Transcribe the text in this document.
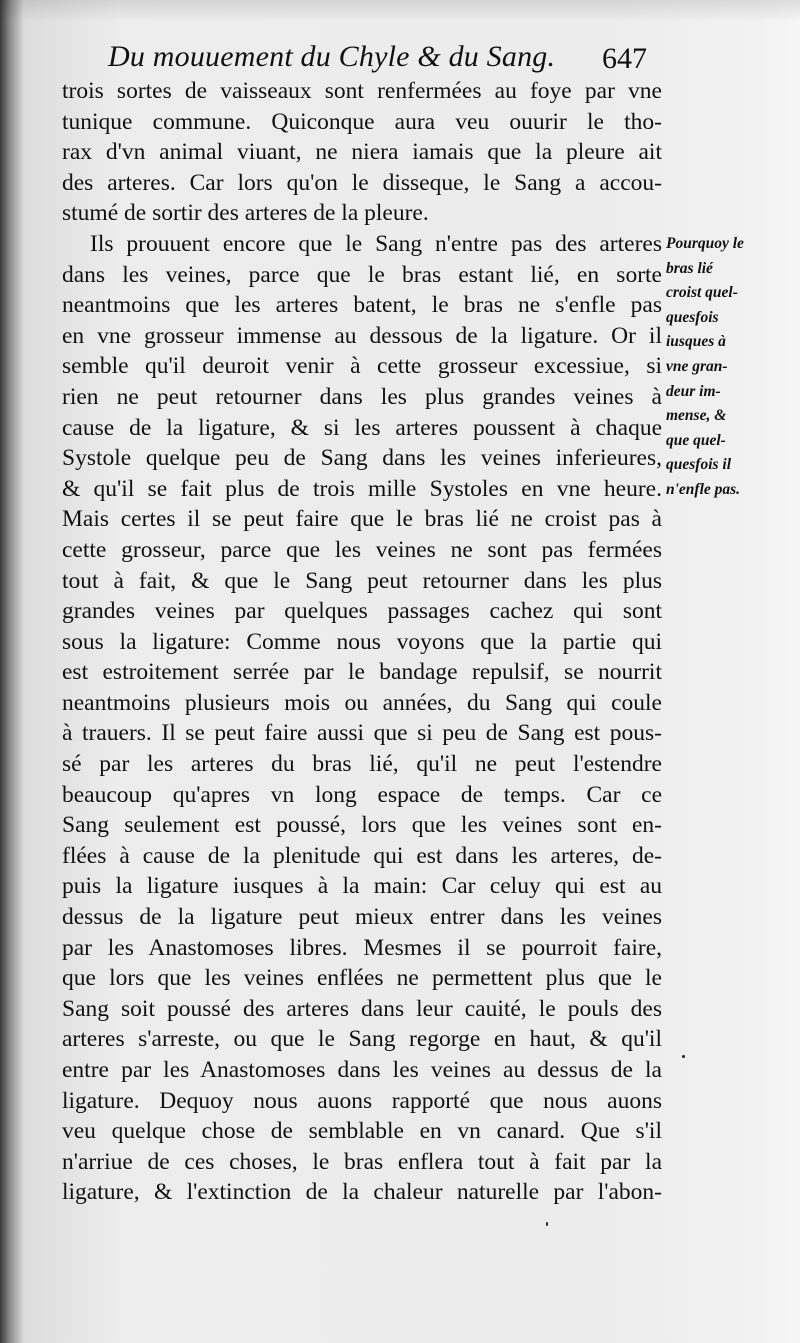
Du mouuement du Chyle & du Sang. 647
trois sortes de vaisseaux sont renfermées au foye par vne
tunique commune. Quiconque aura veu ouurir le tho-
rax d'vn animal viuant, ne niera iamais que la pleure ait
des arteres. Car lors qu'on le disseque, le Sang a accou-
stumé de sortir des arteres de la pleure.
Ils prouuent encore que le Sang n'entre pas des arteres
dans les veines, parce que le bras estant lié, en sorte
neantmoins que les arteres batent, le bras ne s'enfle pas
en vne grosseur immense au dessous de la ligature. Or il
semble qu'il deuroit venir à cette grosseur excessiue, si
rien ne peut retourner dans les plus grandes veines à
cause de la ligature, & si les arteres poussent à chaque
Systole quelque peu de Sang dans les veines inferieures,
& qu'il se fait plus de trois mille Systoles en vne heure.
Mais certes il se peut faire que le bras lié ne croist pas à
cette grosseur, parce que les veines ne sont pas fermées
tout à fait, & que le Sang peut retourner dans les plus
grandes veines par quelques passages cachez qui sont
sous la ligature: Comme nous voyons que la partie qui
est estroitement serrée par le bandage repulsif, se nourrit
neantmoins plusieurs mois ou années, du Sang qui coule
à trauers. Il se peut faire aussi que si peu de Sang est pous-
sé par les arteres du bras lié, qu'il ne peut l'estendre
beaucoup qu'apres vn long espace de temps. Car ce
Sang seulement est poussé, lors que les veines sont en-
flées à cause de la plenitude qui est dans les arteres, de-
puis la ligature iusques à la main: Car celuy qui est au
dessus de la ligature peut mieux entrer dans les veines
par les Anastomoses libres. Mesmes il se pourroit faire,
que lors que les veines enflées ne permettent plus que le
Sang soit poussé des arteres dans leur cauité, le pouls des
arteres s'arreste, ou que le Sang regorge en haut, & qu'il
entre par les Anastomoses dans les veines au dessus de la
ligature. Dequoy nous auons rapporté que nous auons
veu quelque chose de semblable en vn canard. Que s'il
n'arriue de ces choses, le bras enflera tout à fait par la
ligature, & l'extinction de la chaleur naturelle par l'abon-
Pourquoy le
bras lié
croist quel-
quesfois
iusques à
vne gran-
deur im-
mense, &
que quel-
quesfois il
n'enfle pas.
